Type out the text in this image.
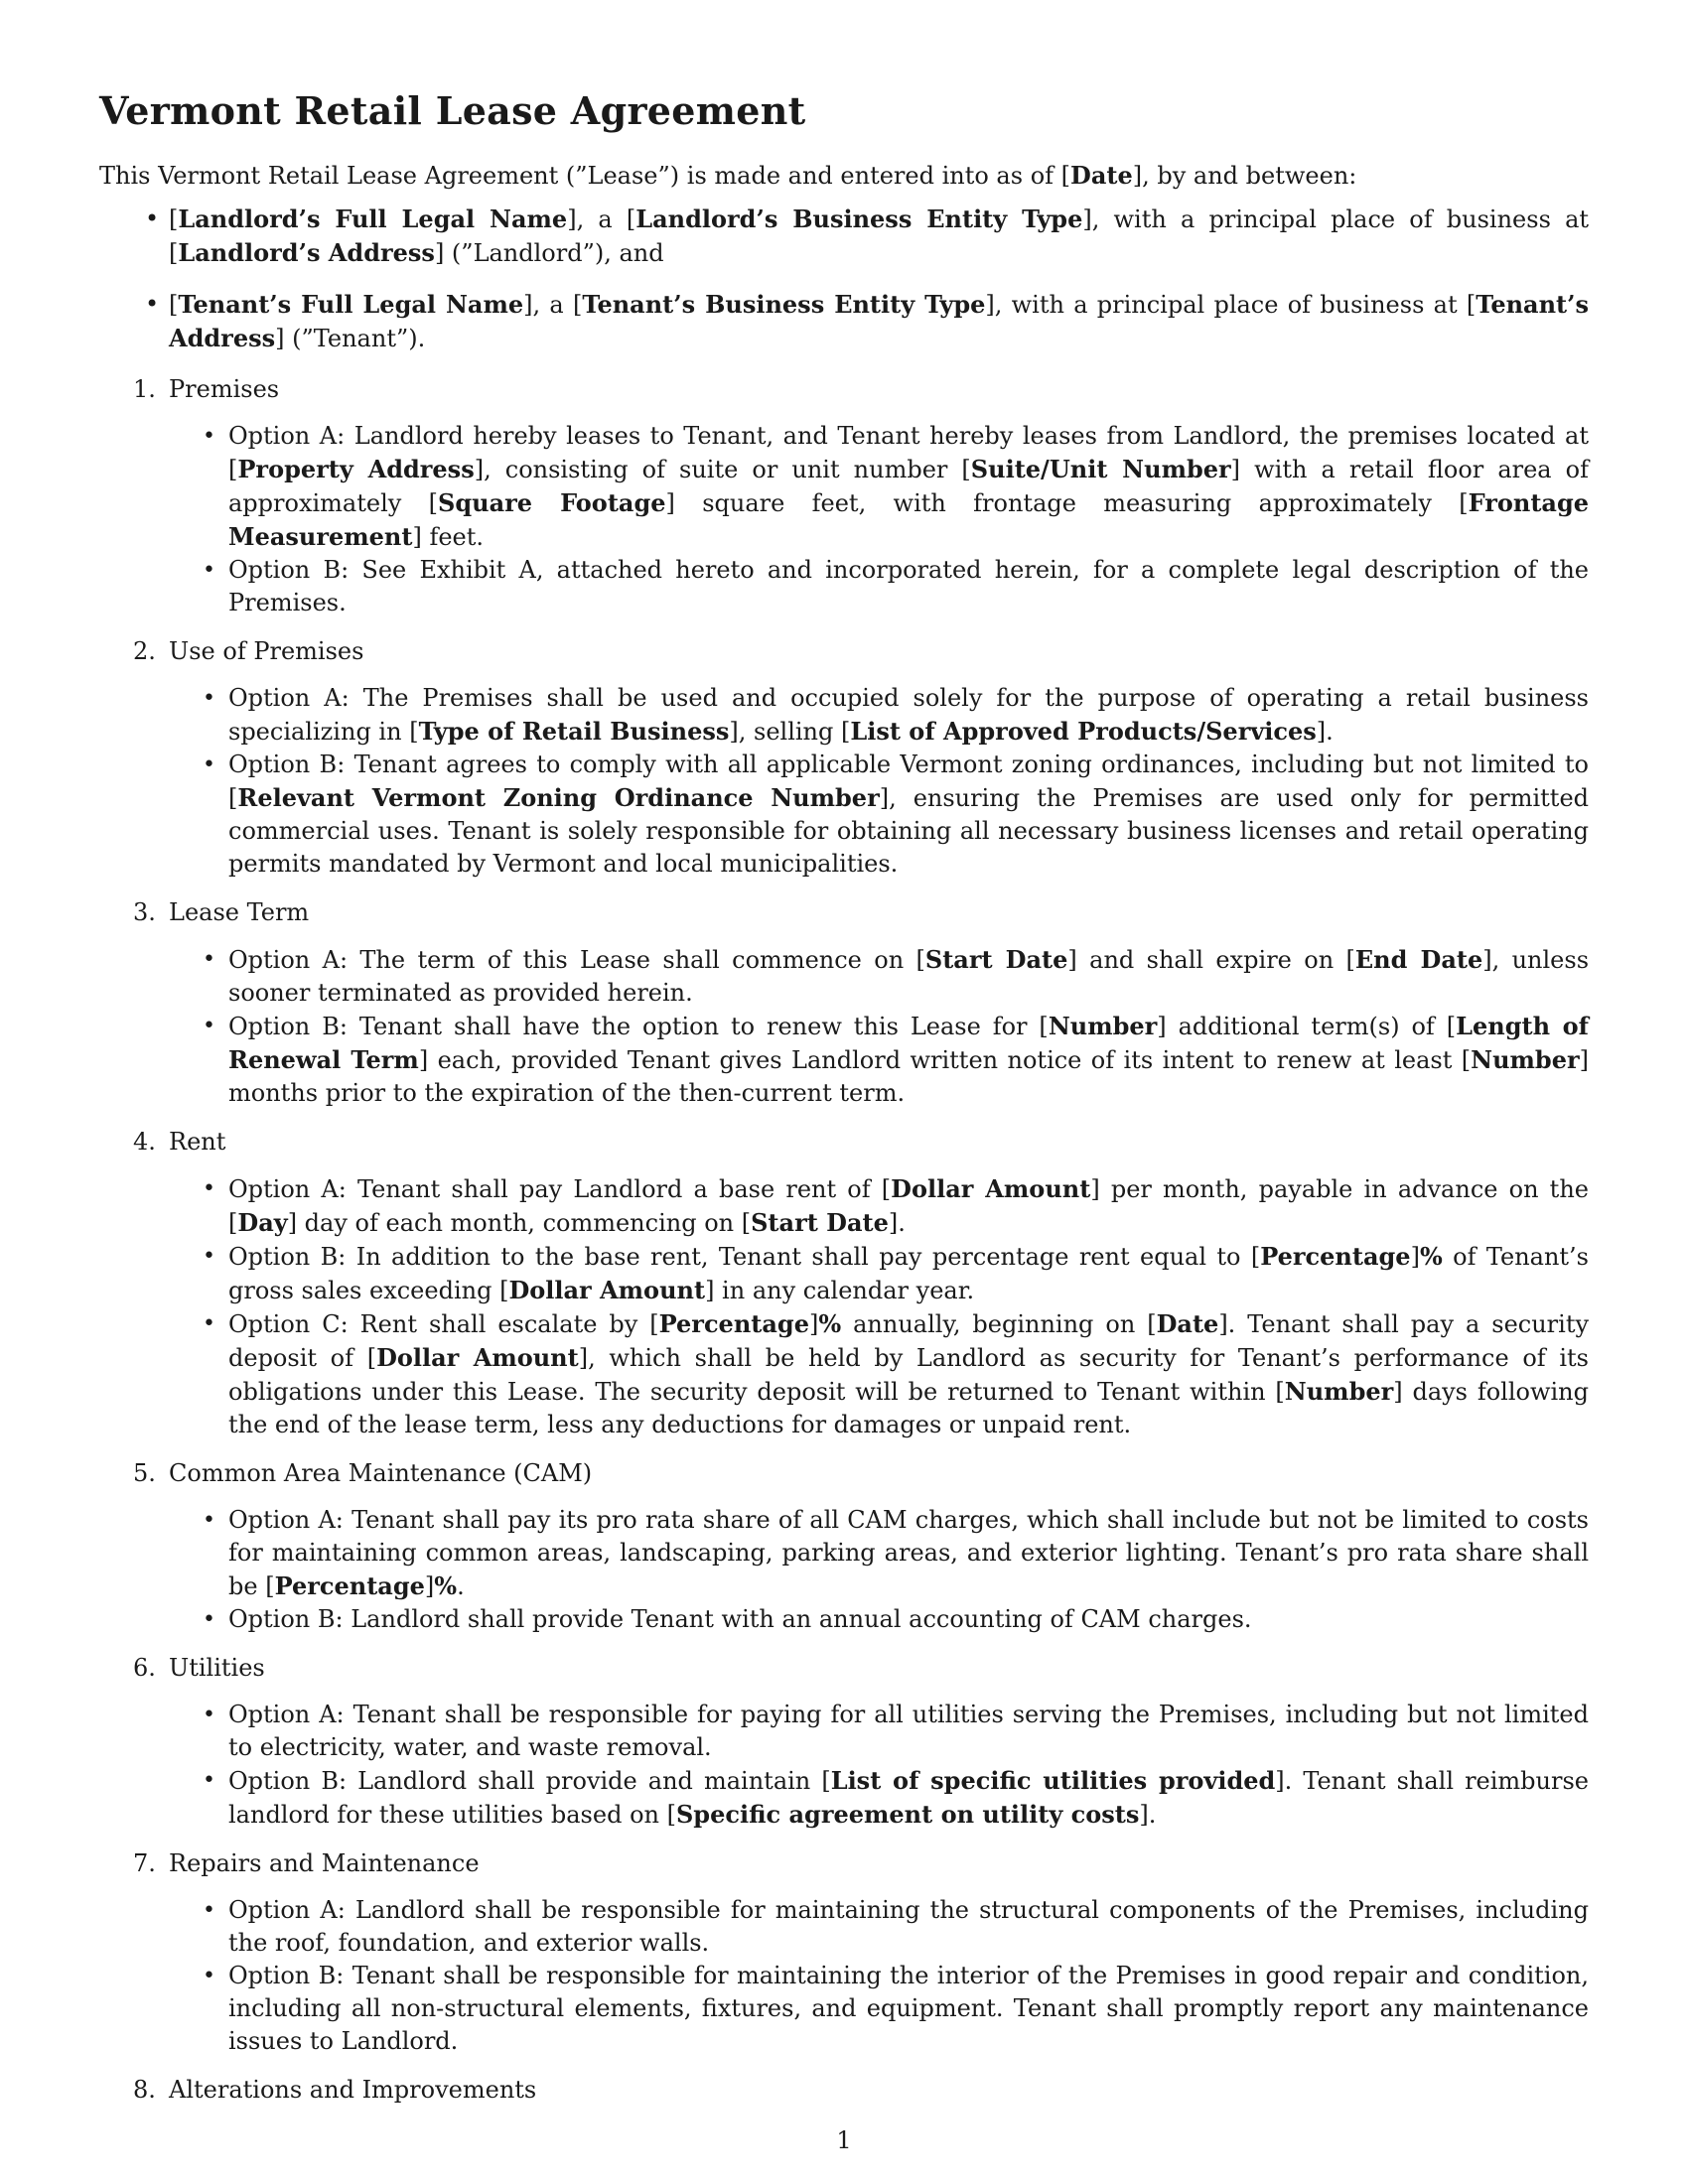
Vermont Retail Lease Agreement

This Vermont Retail Lease Agreement (”Lease”) is made and entered into as of [Date], by and between:

• [Landlord’s Full Legal Name], a [Landlord’s Business Entity Type], with a principal place of business at [Landlord’s Address] (”Landlord”), and
• [Tenant’s Full Legal Name], a [Tenant’s Business Entity Type], with a principal place of business at [Tenant’s Address] (”Tenant”).
1. Premises
• Option A: Landlord hereby leases to Tenant, and Tenant hereby leases from Landlord, the premises located at [Property Address], consisting of suite or unit number [Suite/Unit Number] with a retail floor area of approximately [Square Footage] square feet, with frontage measuring approximately [Frontage Measurement] feet.
• Option B: See Exhibit A, attached hereto and incorporated herein, for a complete legal description of the Premises.
2. Use of Premises
• Option A: The Premises shall be used and occupied solely for the purpose of operating a retail business specializing in [Type of Retail Business], selling [List of Approved Products/Services].
• Option B: Tenant agrees to comply with all applicable Vermont zoning ordinances, including but not limited to [Relevant Vermont Zoning Ordinance Number], ensuring the Premises are used only for permitted commercial uses. Tenant is solely responsible for obtaining all necessary business licenses and retail operating permits mandated by Vermont and local municipalities.
3. Lease Term
• Option A: The term of this Lease shall commence on [Start Date] and shall expire on [End Date], unless sooner terminated as provided herein.
• Option B: Tenant shall have the option to renew this Lease for [Number] additional term(s) of [Length of Renewal Term] each, provided Tenant gives Landlord written notice of its intent to renew at least [Number] months prior to the expiration of the then-current term.
4. Rent
• Option A: Tenant shall pay Landlord a base rent of [Dollar Amount] per month, payable in advance on the [Day] day of each month, commencing on [Start Date].
• Option B: In addition to the base rent, Tenant shall pay percentage rent equal to [Percentage]% of Tenant’s gross sales exceeding [Dollar Amount] in any calendar year.
• Option C: Rent shall escalate by [Percentage]% annually, beginning on [Date]. Tenant shall pay a security deposit of [Dollar Amount], which shall be held by Landlord as security for Tenant’s performance of its obligations under this Lease. The security deposit will be returned to Tenant within [Number] days following the end of the lease term, less any deductions for damages or unpaid rent.
5. Common Area Maintenance (CAM)
• Option A: Tenant shall pay its pro rata share of all CAM charges, which shall include but not be limited to costs for maintaining common areas, landscaping, parking areas, and exterior lighting. Tenant’s pro rata share shall be [Percentage]%.
• Option B: Landlord shall provide Tenant with an annual accounting of CAM charges.
6. Utilities
• Option A: Tenant shall be responsible for paying for all utilities serving the Premises, including but not limited to electricity, water, and waste removal.
• Option B: Landlord shall provide and maintain [List of specific utilities provided]. Tenant shall reimburse landlord for these utilities based on [Specific agreement on utility costs].
7. Repairs and Maintenance
• Option A: Landlord shall be responsible for maintaining the structural components of the Premises, including the roof, foundation, and exterior walls.
• Option B: Tenant shall be responsible for maintaining the interior of the Premises in good repair and condition, including all non-structural elements, fixtures, and equipment. Tenant shall promptly report any maintenance issues to Landlord.
8. Alterations and Improvements
1
